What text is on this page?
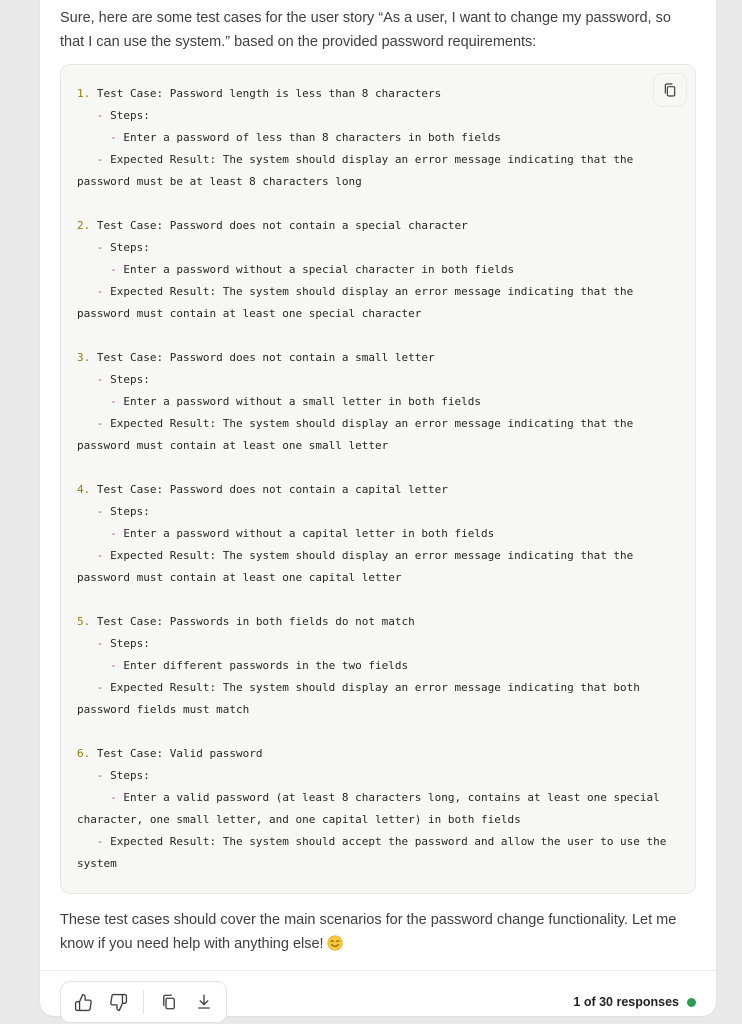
Sure, here are some test cases for the user story “As a user, I want to change my password, so that I can use the system.” based on the provided password requirements:

1. Test Case: Password length is less than 8 characters
- Steps:
- Enter a password of less than 8 characters in both fields
- Expected Result: The system should display an error message indicating that the
password must be at least 8 characters long

2. Test Case: Password does not contain a special character
- Steps:
- Enter a password without a special character in both fields
- Expected Result: The system should display an error message indicating that the
password must contain at least one special character

3. Test Case: Password does not contain a small letter
- Steps:
- Enter a password without a small letter in both fields
- Expected Result: The system should display an error message indicating that the
password must contain at least one small letter

4. Test Case: Password does not contain a capital letter
- Steps:
- Enter a password without a capital letter in both fields
- Expected Result: The system should display an error message indicating that the
password must contain at least one capital letter

5. Test Case: Passwords in both fields do not match
- Steps:
- Enter different passwords in the two fields
- Expected Result: The system should display an error message indicating that both
password fields must match

6. Test Case: Valid password
- Steps:
- Enter a valid password (at least 8 characters long, contains at least one special
character, one small letter, and one capital letter) in both fields
- Expected Result: The system should accept the password and allow the user to use the
system

These test cases should cover the main scenarios for the password change functionality. Let me know if you need help with anything else!

1 of 30 responses
